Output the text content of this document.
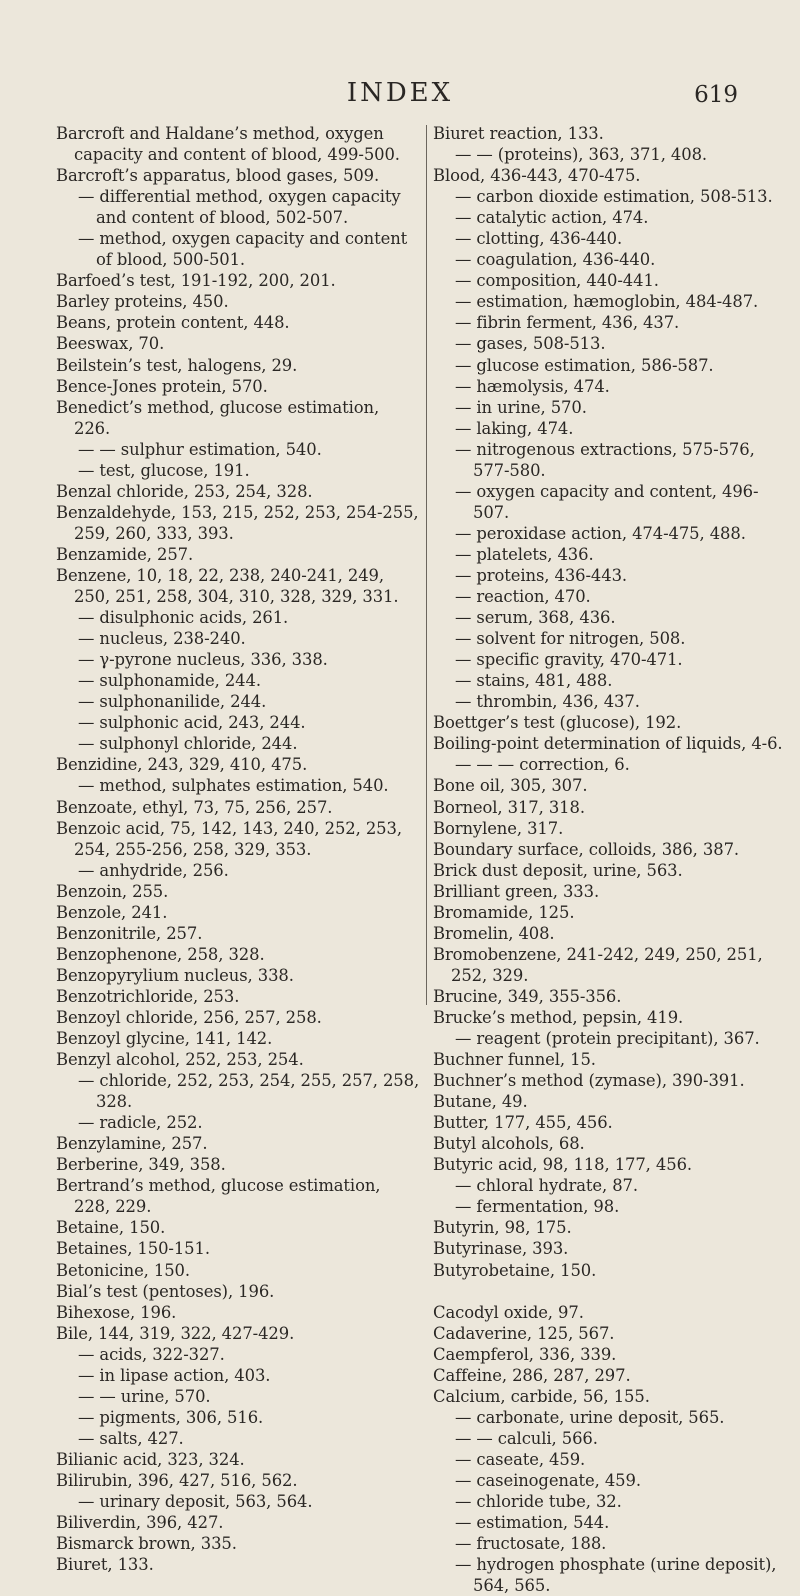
INDEX	619
Barcroft and Haldane’s method, oxygen capacity and content of blood, 499-500.
Barcroft’s apparatus, blood gases, 509.
— differential method, oxygen capacity and content of blood, 502-507.
— method, oxygen capacity and content of blood, 500-501.
Barfoed’s test, 191-192, 200, 201.
Barley proteins, 450.
Beans, protein content, 448.
Beeswax, 70.
Beilstein’s test, halogens, 29.
Bence-Jones protein, 570.
Benedict’s method, glucose estimation, 226.
— — sulphur estimation, 540.
— test, glucose, 191.
Benzal chloride, 253, 254, 328.
Benzaldehyde, 153, 215, 252, 253, 254-255, 259, 260, 333, 393.
Benzamide, 257.
Benzene, 10, 18, 22, 238, 240-241, 249, 250, 251, 258, 304, 310, 328, 329, 331.
— disulphonic acids, 261.
— nucleus, 238-240.
— γ-pyrone nucleus, 336, 338.
— sulphonamide, 244.
— sulphonanilide, 244.
— sulphonic acid, 243, 244.
— sulphonyl chloride, 244.
Benzidine, 243, 329, 410, 475.
— method, sulphates estimation, 540.
Benzoate, ethyl, 73, 75, 256, 257.
Benzoic acid, 75, 142, 143, 240, 252, 253, 254, 255-256, 258, 329, 353.
— anhydride, 256.
Benzoin, 255.
Benzole, 241.
Benzonitrile, 257.
Benzophenone, 258, 328.
Benzopyrylium nucleus, 338.
Benzotrichloride, 253.
Benzoyl chloride, 256, 257, 258.
Benzoyl glycine, 141, 142.
Benzyl alcohol, 252, 253, 254.
— chloride, 252, 253, 254, 255, 257, 258, 328.
— radicle, 252.
Benzylamine, 257.
Berberine, 349, 358.
Bertrand’s method, glucose estimation, 228, 229.
Betaine, 150.
Betaines, 150-151.
Betonicine, 150.
Bial’s test (pentoses), 196.
Bihexose, 196.
Bile, 144, 319, 322, 427-429.
— acids, 322-327.
— in lipase action, 403.
— — urine, 570.
— pigments, 306, 516.
— salts, 427.
Bilianic acid, 323, 324.
Bilirubin, 396, 427, 516, 562.
— urinary deposit, 563, 564.
Biliverdin, 396, 427.
Bismarck brown, 335.
Biuret, 133.
Biuret reaction, 133.
— — (proteins), 363, 371, 408.
Blood, 436-443, 470-475.
— carbon dioxide estimation, 508-513.
— catalytic action, 474.
— clotting, 436-440.
— coagulation, 436-440.
— composition, 440-441.
— estimation, hæmoglobin, 484-487.
— fibrin ferment, 436, 437.
— gases, 508-513.
— glucose estimation, 586-587.
— hæmolysis, 474.
— in urine, 570.
— laking, 474.
— nitrogenous extractions, 575-576, 577-580.
— oxygen capacity and content, 496-507.
— peroxidase action, 474-475, 488.
— platelets, 436.
— proteins, 436-443.
— reaction, 470.
— serum, 368, 436.
— solvent for nitrogen, 508.
— specific gravity, 470-471.
— stains, 481, 488.
— thrombin, 436, 437.
Boettger’s test (glucose), 192.
Boiling-point determination of liquids, 4-6.
— — — correction, 6.
Bone oil, 305, 307.
Borneol, 317, 318.
Bornylene, 317.
Boundary surface, colloids, 386, 387.
Brick dust deposit, urine, 563.
Brilliant green, 333.
Bromamide, 125.
Bromelin, 408.
Bromobenzene, 241-242, 249, 250, 251, 252, 329.
Brucine, 349, 355-356.
Brucke’s method, pepsin, 419.
— reagent (protein precipitant), 367.
Buchner funnel, 15.
Buchner’s method (zymase), 390-391.
Butane, 49.
Butter, 177, 455, 456.
Butyl alcohols, 68.
Butyric acid, 98, 118, 177, 456.
— chloral hydrate, 87.
— fermentation, 98.
Butyrin, 98, 175.
Butyrinase, 393.
Butyrobetaine, 150.
Cacodyl oxide, 97.
Cadaverine, 125, 567.
Caempferol, 336, 339.
Caffeine, 286, 287, 297.
Calcium, carbide, 56, 155.
— carbonate, urine deposit, 565.
— — calculi, 566.
— caseate, 459.
— caseinogenate, 459.
— chloride tube, 32.
— estimation, 544.
— fructosate, 188.
— hydrogen phosphate (urine deposit), 564, 565.
